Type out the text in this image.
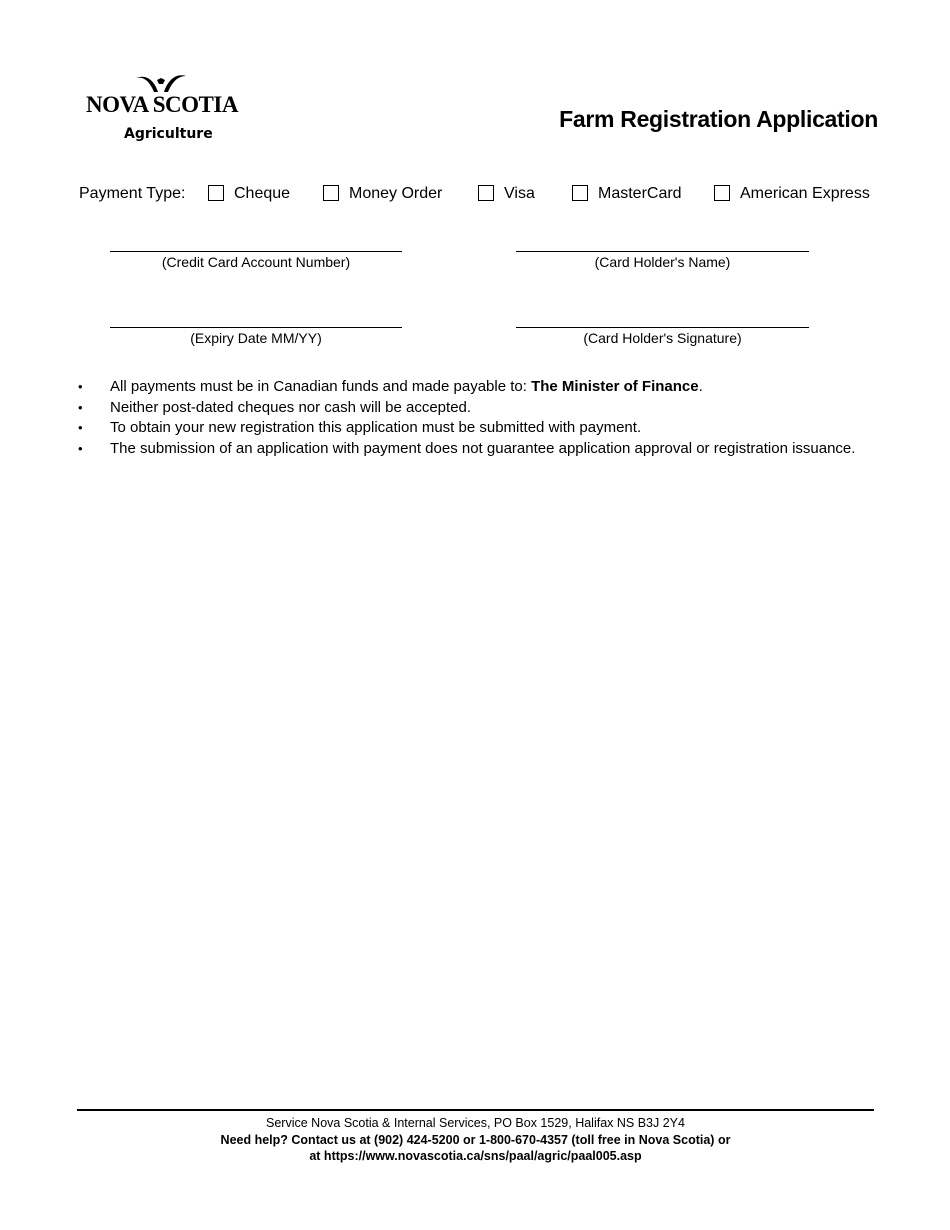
NOVA SCOTIA
Agriculture
Farm Registration Application
Payment Type:	Cheque	Money Order	Visa	MasterCard	American Express
(Credit Card Account Number)	(Card Holder's Name)
(Expiry Date MM/YY)	(Card Holder's Signature)
• All payments must be in Canadian funds and made payable to: The Minister of Finance.
• Neither post-dated cheques nor cash will be accepted.
• To obtain your new registration this application must be submitted with payment.
• The submission of an application with payment does not guarantee application approval or registration issuance.
Service Nova Scotia & Internal Services, PO Box 1529, Halifax NS B3J 2Y4
Need help? Contact us at (902) 424-5200 or 1-800-670-4357 (toll free in Nova Scotia) or
at https://www.novascotia.ca/sns/paal/agric/paal005.asp
